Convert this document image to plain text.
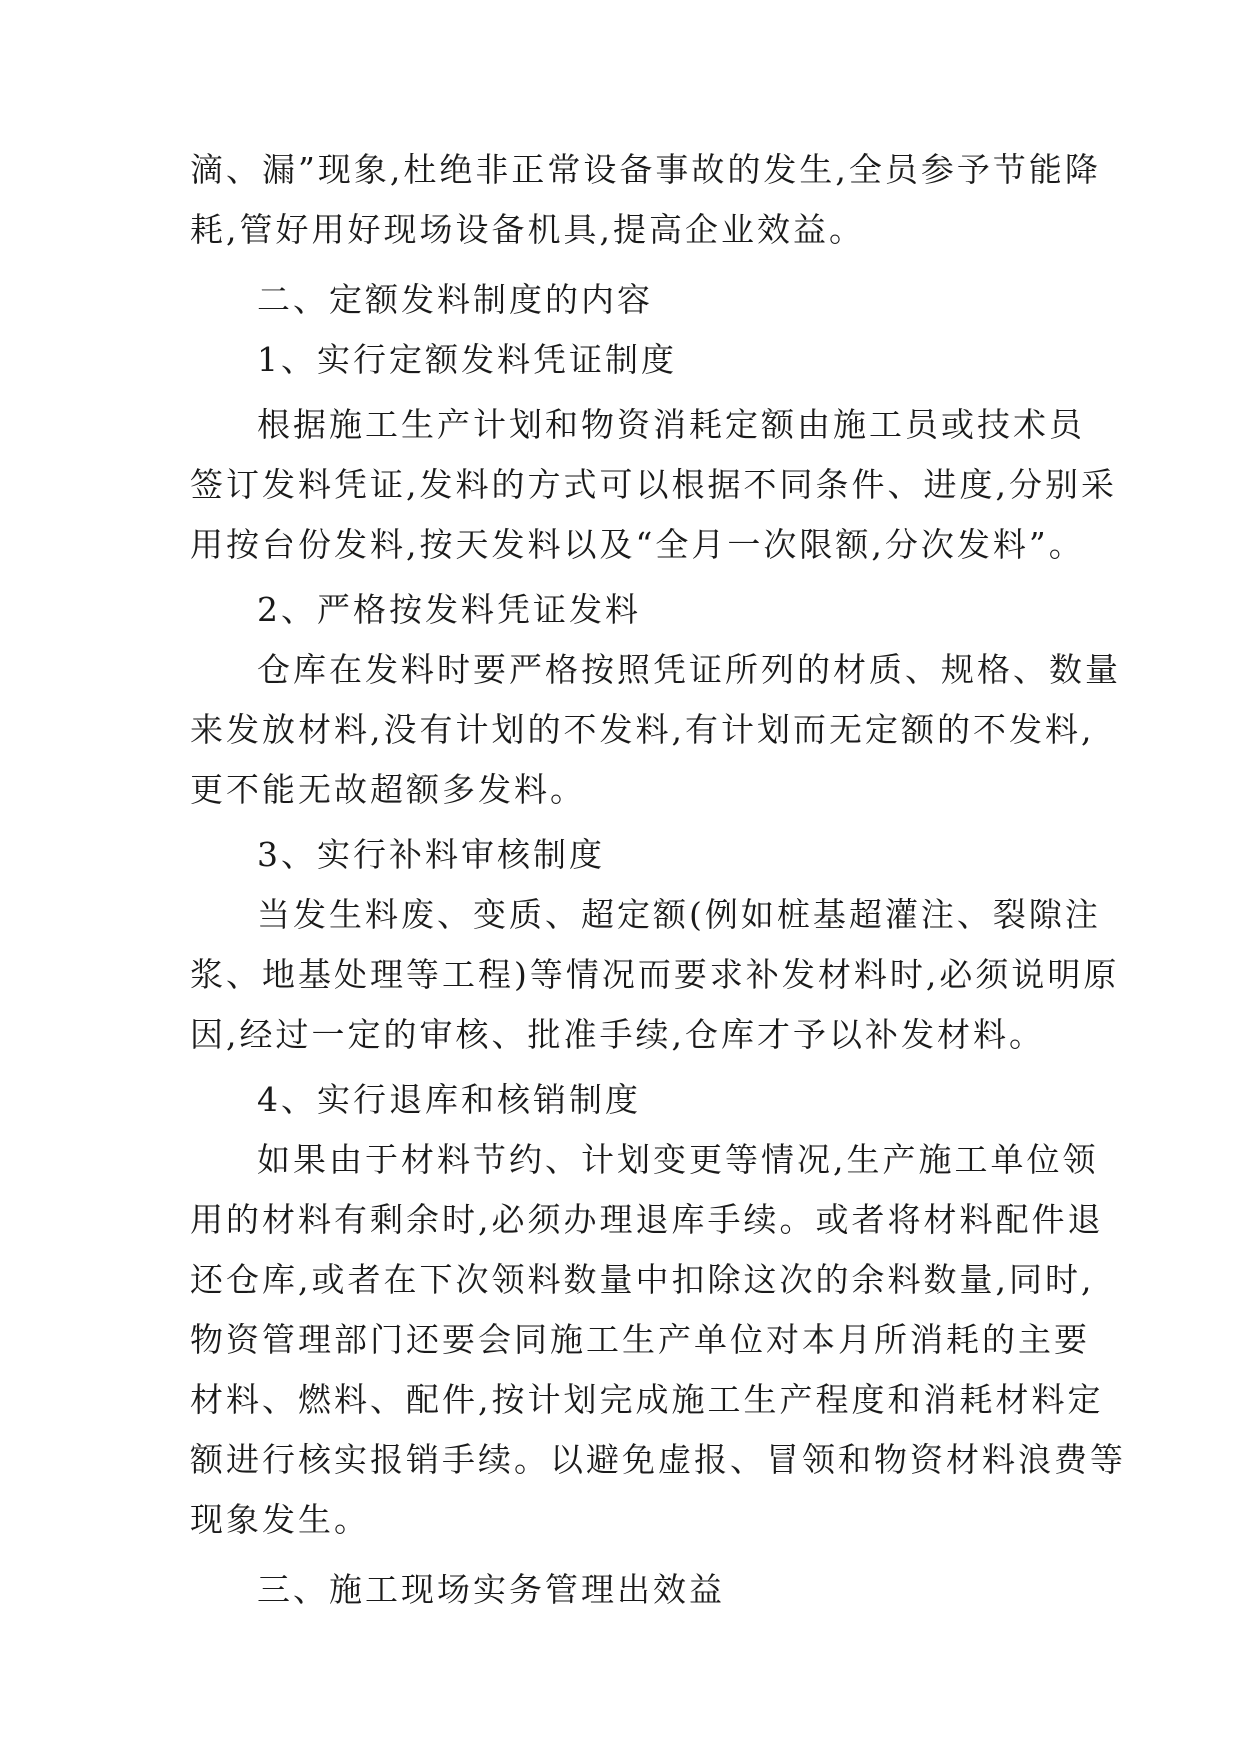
滴、漏”现象,杜绝非正常设备事故的发生,全员参予节能降
耗,管好用好现场设备机具,提高企业效益。
二、定额发料制度的内容
1、实行定额发料凭证制度
根据施工生产计划和物资消耗定额由施工员或技术员
签订发料凭证,发料的方式可以根据不同条件、进度,分别采
用按台份发料,按天发料以及“全月一次限额,分次发料”。
2、严格按发料凭证发料
仓库在发料时要严格按照凭证所列的材质、规格、数量
来发放材料,没有计划的不发料,有计划而无定额的不发料,
更不能无故超额多发料。
3、实行补料审核制度
当发生料废、变质、超定额(例如桩基超灌注、裂隙注
浆、地基处理等工程)等情况而要求补发材料时,必须说明原
因,经过一定的审核、批准手续,仓库才予以补发材料。
4、实行退库和核销制度
如果由于材料节约、计划变更等情况,生产施工单位领
用的材料有剩余时,必须办理退库手续。或者将材料配件退
还仓库,或者在下次领料数量中扣除这次的余料数量,同时,
物资管理部门还要会同施工生产单位对本月所消耗的主要
材料、燃料、配件,按计划完成施工生产程度和消耗材料定
额进行核实报销手续。以避免虚报、冒领和物资材料浪费等
现象发生。
三、施工现场实务管理出效益
